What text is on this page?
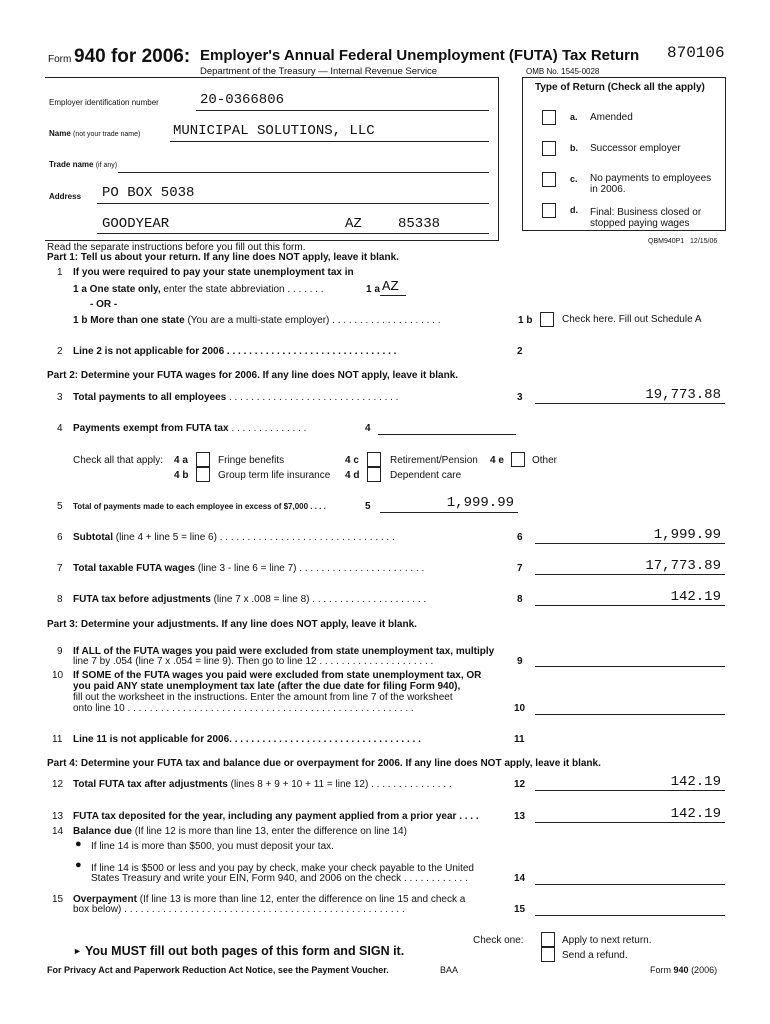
Form 940 for 2006: Employer's Annual Federal Unemployment (FUTA) Tax Return
Department of the Treasury — Internal Revenue Service
870106
OMB No. 1545-0028
Employer identification number	20-0366806
Name (not your trade name) MUNICIPAL SOLUTIONS, LLC
Trade name (if any)
Address PO BOX 5038
GOODYEAR	AZ	85338
Type of Return (Check all the apply)
a. Amended
b. Successor employer
c. No payments to employees
in 2006.
d. Final: Business closed or
stopped paying wages
QBM940P1 12/15/06
Read the separate instructions before you fill out this form.
Part 1: Tell us about your return. If any line does NOT apply, leave it blank.
1 If you were required to pay your state unemployment tax in
1 a One state only, enter the state abbreviation . . . . . . .	1 a AZ
- OR -
1 b More than one state (You are a multi-state employer) . . . . . . . . . . . . . . . . . . . .	1 b	Check here. Fill out Schedule A
2 Line 2 is not applicable for 2006 . . . . . . . . . . . . . . . . . . . . . . . . . . . . . . .	2
Part 2: Determine your FUTA wages for 2006. If any line does NOT apply, leave it blank.
3 Total payments to all employees . . . . . . . . . . . . . . . . . . . . . . . . . . . . . . .	3	19,773.88
4 Payments exempt from FUTA tax . . . . . . . . . . . . . .	4
Check all that apply: 4 a	Fringe benefits
4 b	Group term life insurance
4 c	Retirement/Pension
4 d	Dependent care
4 e	Other
5 Total of payments made to each employee in excess of $7,000 . . . .	5	1,999.99
6 Subtotal (line 4 + line 5 = line 6) . . . . . . . . . . . . . . . . . . . . . . . . . . . . . . . .	6	1,999.99
7 Total taxable FUTA wages (line 3 - line 6 = line 7) . . . . . . . . . . . . . . . . . . . . . . .	7	17,773.89
8 FUTA tax before adjustments (line 7 x .008 = line 8) . . . . . . . . . . . . . . . . . . . . .	8	142.19
Part 3: Determine your adjustments. If any line does NOT apply, leave it blank.
9 If ALL of the FUTA wages you paid were excluded from state unemployment tax, multiply
line 7 by .054 (line 7 x .054 = line 9). Then go to line 12 . . . . . . . . . . . . . . . . . . . . .	9
10 If SOME of the FUTA wages you paid were excluded from state unemployment tax, OR
you paid ANY state unemployment tax late (after the due date for filing Form 940),
fill out the worksheet in the instructions. Enter the amount from line 7 of the worksheet
onto line 10 . . . . . . . . . . . . . . . . . . . . . . . . . . . . . . . . . . . . . . . . . . . . . . . . . . . .	10
11 Line 11 is not applicable for 2006. . . . . . . . . . . . . . . . . . . . . . . . . . . . . . . . . . .	11
Part 4: Determine your FUTA tax and balance due or overpayment for 2006. If any line does NOT apply, leave it blank.
12 Total FUTA tax after adjustments (lines 8 + 9 + 10 + 11 = line 12) . . . . . . . . . . . . . . .	12	142.19
13 FUTA tax deposited for the year, including any payment applied from a prior year . . . .	13	142.19
14 Balance due (If line 12 is more than line 13, enter the difference on line 14)
● If line 14 is more than $500, you must deposit your tax.
● If line 14 is $500 or less and you pay by check, make your check payable to the United
States Treasury and write your EIN, Form 940, and 2006 on the check . . . . . . . . . . . .	14
15 Overpayment (If line 13 is more than line 12, enter the difference on line 15 and check a
box below) . . . . . . . . . . . . . . . . . . . . . . . . . . . . . . . . . . . . . . . . . . . . . . . . . . .	15
Check one:	Apply to next return.
Send a refund.
► You MUST fill out both pages of this form and SIGN it.
For Privacy Act and Paperwork Reduction Act Notice, see the Payment Voucher.	BAA	Form 940 (2006)
